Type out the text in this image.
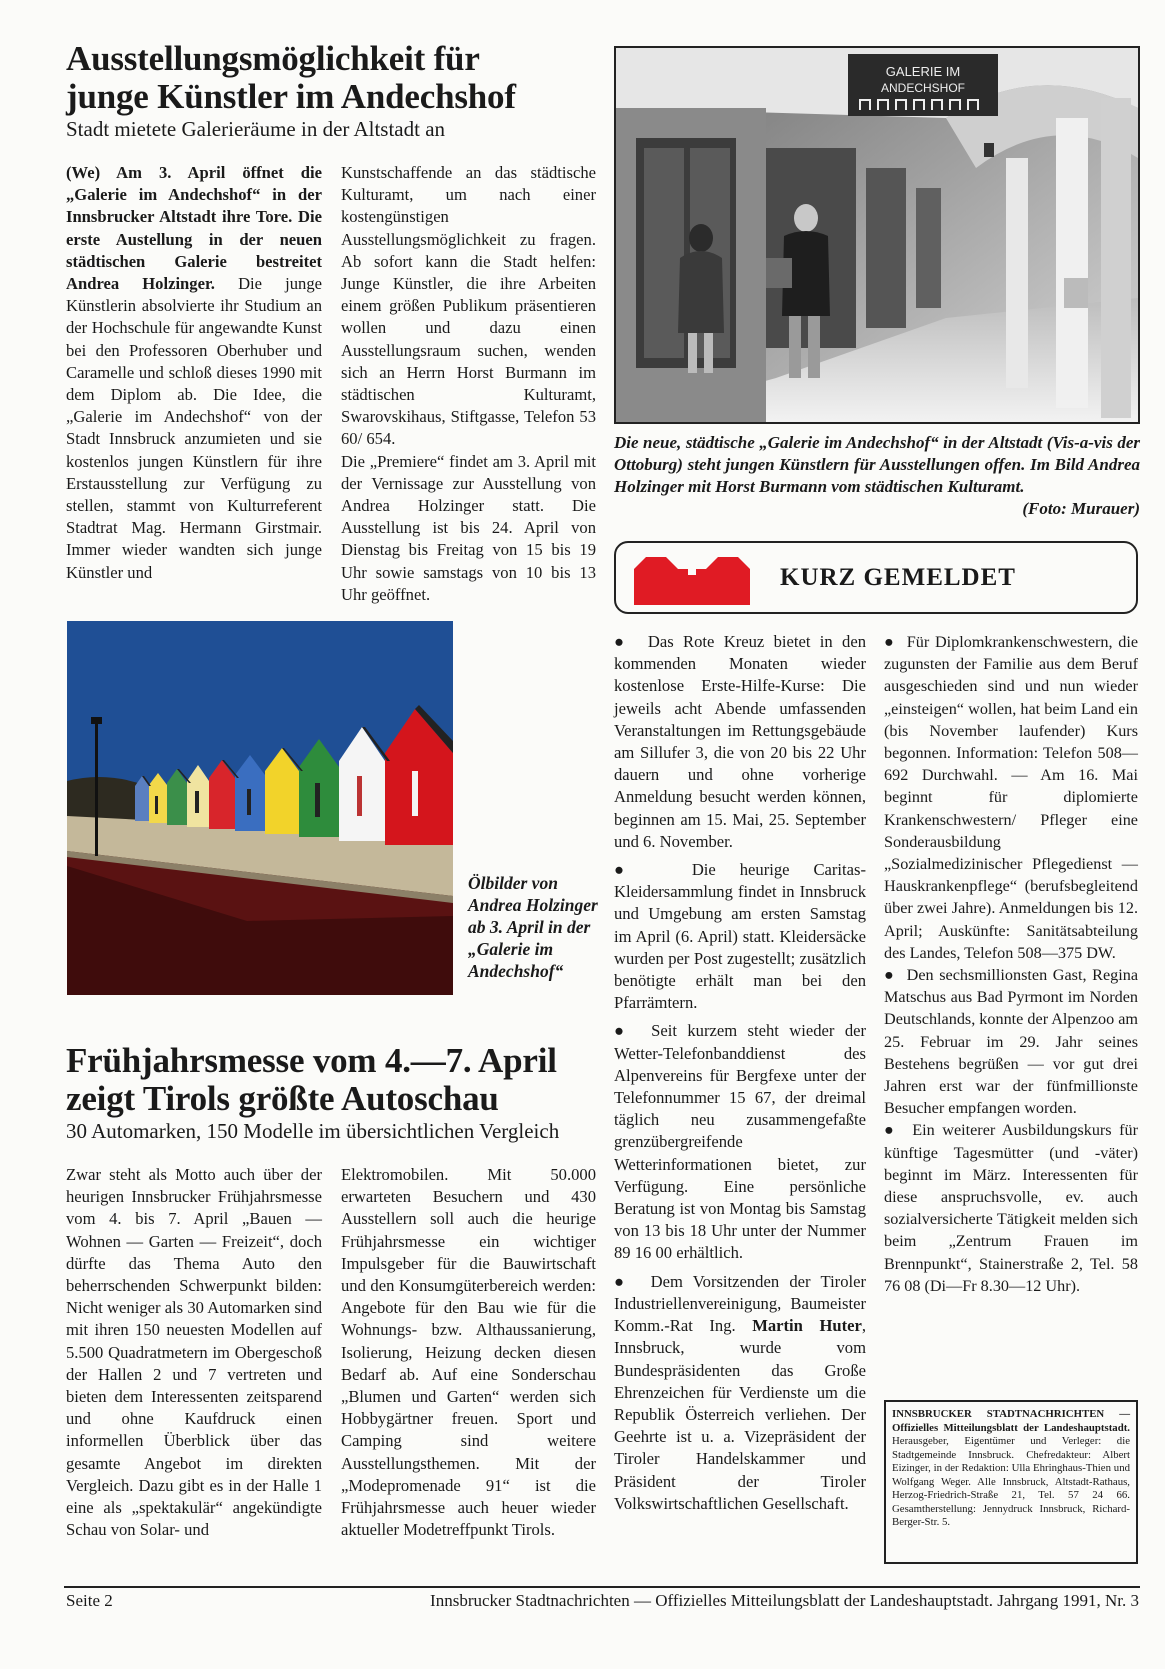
Ausstellungsmöglichkeit für
junge Künstler im Andechshof
Stadt mietete Galerieräume in der Altstadt an

(We) Am 3. April öffnet die „Galerie im Andechshof“ in der Innsbrucker Altstadt ihre Tore. Die erste Austellung in der neuen städtischen Galerie bestreitet Andrea Holzinger. Die junge Künstlerin absolvierte ihr Studium an der Hochschule für angewandte Kunst bei den Professoren Oberhuber und Caramelle und schloß dieses 1990 mit dem Diplom ab. Die Idee, die „Galerie im Andechshof“ von der Stadt Innsbruck anzumieten und sie kostenlos jungen Künstlern für ihre Erstausstellung zur Verfügung zu stellen, stammt von Kulturreferent Stadtrat Mag. Hermann Girstmair. Immer wieder wandten sich junge Künstler und

Kunstschaffende an das städtische Kulturamt, um nach einer kostengünstigen Ausstellungsmöglichkeit zu fragen. Ab sofort kann die Stadt helfen: Junge Künstler, die ihre Arbeiten einem größen Publikum präsentieren wollen und dazu einen Ausstellungsraum suchen, wenden sich an Herrn Horst Burmann im städtischen Kulturamt, Swarovskihaus, Stiftgasse, Telefon 53 60/ 654.

Die „Premiere“ findet am 3. April mit der Vernissage zur Ausstellung von Andrea Holzinger statt. Die Ausstellung ist bis 24. April von Dienstag bis Freitag von 15 bis 19 Uhr sowie samstags von 10 bis 13 Uhr geöffnet.

GALERIE IM
ANDECHSHOF
Die neue, städtische „Galerie im Andechshof“ in der Altstadt (Vis-a-vis der Ottoburg) steht jungen Künstlern für Ausstellungen offen. Im Bild Andrea Holzinger mit Horst Burmann vom städtischen Kulturamt.
(Foto: Murauer)
KURZ GEMELDET

● Das Rote Kreuz bietet in den kommenden Monaten wieder kostenlose Erste-Hilfe-Kurse: Die jeweils acht Abende umfassenden Veranstaltungen im Rettungsgebäude am Sillufer 3, die von 20 bis 22 Uhr dauern und ohne vorherige Anmeldung besucht werden können, beginnen am 15. Mai, 25. September und 6. November.

●	Die heurige Caritas-Kleidersammlung findet in Innsbruck und Umgebung am ersten Samstag im April (6. April) statt. Kleidersäcke wurden per Post zugestellt; zusätzlich benötigte erhält man bei den Pfarrämtern.

● Seit kurzem steht wieder der Wetter-Telefonbanddienst des Alpenvereins für Bergfexe unter der Telefonnummer 15 67, der dreimal täglich neu zusammengefaßte grenzübergreifende Wetterinformationen bietet, zur Verfügung. Eine persönliche Beratung ist von Montag bis Samstag von 13 bis 18 Uhr unter der Nummer 89 16 00 erhältlich.

● Dem Vorsitzenden der Tiroler Industriellenvereinigung, Baumeister Komm.-Rat Ing. Martin Huter, Innsbruck, wurde vom Bundespräsidenten das Große Ehrenzeichen für Verdienste um die Republik Österreich verliehen. Der Geehrte ist u. a. Vizepräsident der Tiroler Handelskammer und Präsident der Tiroler Volkswirtschaftlichen Gesellschaft.

● Für Diplomkrankenschwestern, die zugunsten der Familie aus dem Beruf ausgeschieden sind und nun wieder „einsteigen“ wollen, hat beim Land ein (bis November laufender) Kurs begonnen. Information: Telefon 508—692 Durchwahl. — Am 16. Mai beginnt für diplomierte Krankenschwestern/ Pfleger eine Sonderausbildung „Sozialmedizinischer Pflegedienst — Hauskrankenpflege“ (berufsbegleitend über zwei Jahre). Anmeldungen bis 12. April; Auskünfte: Sanitätsabteilung des Landes, Telefon 508—375 DW.

● Den sechsmillionsten Gast, Regina Matschus aus Bad Pyrmont im Norden Deutschlands, konnte der Alpenzoo am 25. Februar im 29. Jahr seines Bestehens begrüßen — vor gut drei Jahren erst war der fünfmillionste Besucher empfangen worden.

● Ein weiterer Ausbildungskurs für künftige Tagesmütter (und -väter) beginnt im März. Interessenten für diese anspruchsvolle, ev. auch sozialversicherte Tätigkeit melden sich beim „Zentrum Frauen im Brennpunkt“, Stainerstraße 2, Tel. 58 76 08 (Di—Fr 8.30—12 Uhr).

INNSBRUCKER STADTNACHRICHTEN — Offizielles Mitteilungsblatt der Landeshauptstadt. Herausgeber, Eigentümer und Verleger: die Stadtgemeinde Innsbruck. Chefredakteur: Albert Eizinger, in der Redaktion: Ulla Ehringhaus-Thien und Wolfgang Weger. Alle Innsbruck, Altstadt-Rathaus, Herzog-Friedrich-Straße 21, Tel. 57 24 66. Gesamtherstellung: Jennydruck Innsbruck, Richard-Berger-Str. 5.
Ölbilder von Andrea Holzinger ab 3. April in der „Galerie im Andechshof“
Frühjahrsmesse vom 4.—7. April
zeigt Tirols größte Autoschau
30 Automarken, 150 Modelle im übersichtlichen Vergleich

Zwar steht als Motto auch über der heurigen Innsbrucker Frühjahrsmesse vom 4. bis 7. April „Bauen — Wohnen — Garten — Freizeit“, doch dürfte das Thema Auto den beherrschenden Schwerpunkt bilden: Nicht weniger als 30 Automarken sind mit ihren 150 neuesten Modellen auf 5.500 Quadratmetern im Obergeschoß der Hallen 2 und 7 vertreten und bieten dem Interessenten zeitsparend und ohne Kaufdruck einen informellen Überblick über das gesamte Angebot im direkten Vergleich. Dazu gibt es in der Halle 1 eine als „spektakulär“ angekündigte Schau von Solar- und

Elektromobilen. Mit 50.000 erwarteten Besuchern und 430 Ausstellern soll auch die heurige Frühjahrsmesse ein wichtiger Impulsgeber für die Bauwirtschaft und den Konsumgüterbereich werden: Angebote für den Bau wie für die Wohnungs- bzw. Althaussanierung, Isolierung, Heizung decken diesen Bedarf ab. Auf eine Sonderschau „Blumen und Garten“ werden sich Hobbygärtner freuen. Sport und Camping sind weitere Ausstellungsthemen. Mit der „Modepromenade 91“ ist die Frühjahrsmesse auch heuer wieder aktueller Modetreffpunkt Tirols.

Seite 2	Innsbrucker Stadtnachrichten — Offizielles Mitteilungsblatt der Landeshauptstadt. Jahrgang 1991, Nr. 3
